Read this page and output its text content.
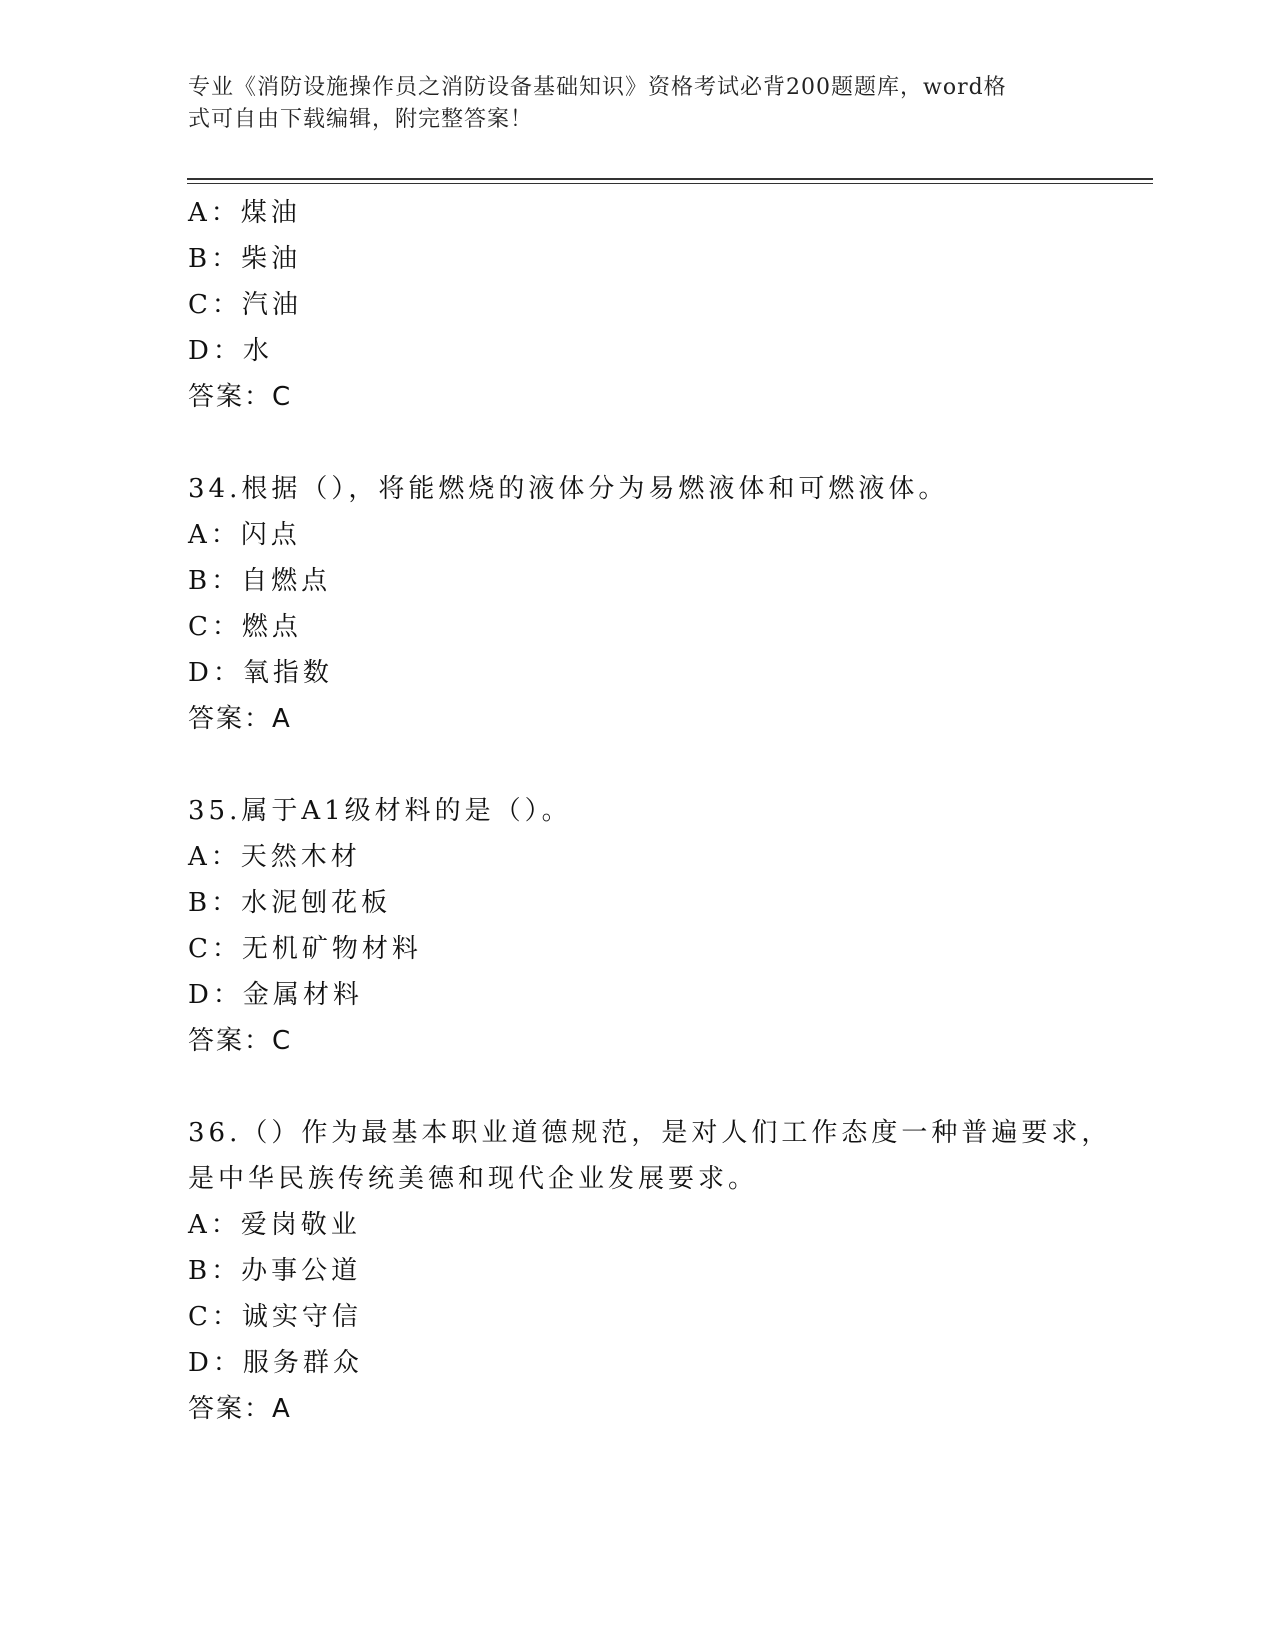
专业《消防设施操作员之消防设备基础知识》资格考试必背200题题库，word格
式可自由下载编辑，附完整答案！
A：煤油
B：柴油
C：汽油
D：水
答案：C
34.根据（），将能燃烧的液体分为易燃液体和可燃液体。
A：闪点
B：自燃点
C：燃点
D：氧指数
答案：A
35.属于A1级材料的是（）。
A：天然木材
B：水泥刨花板
C：无机矿物材料
D：金属材料
答案：C
36.（）作为最基本职业道德规范，是对人们工作态度一种普遍要求，
是中华民族传统美德和现代企业发展要求。
A：爱岗敬业
B：办事公道
C：诚实守信
D：服务群众
答案：A
